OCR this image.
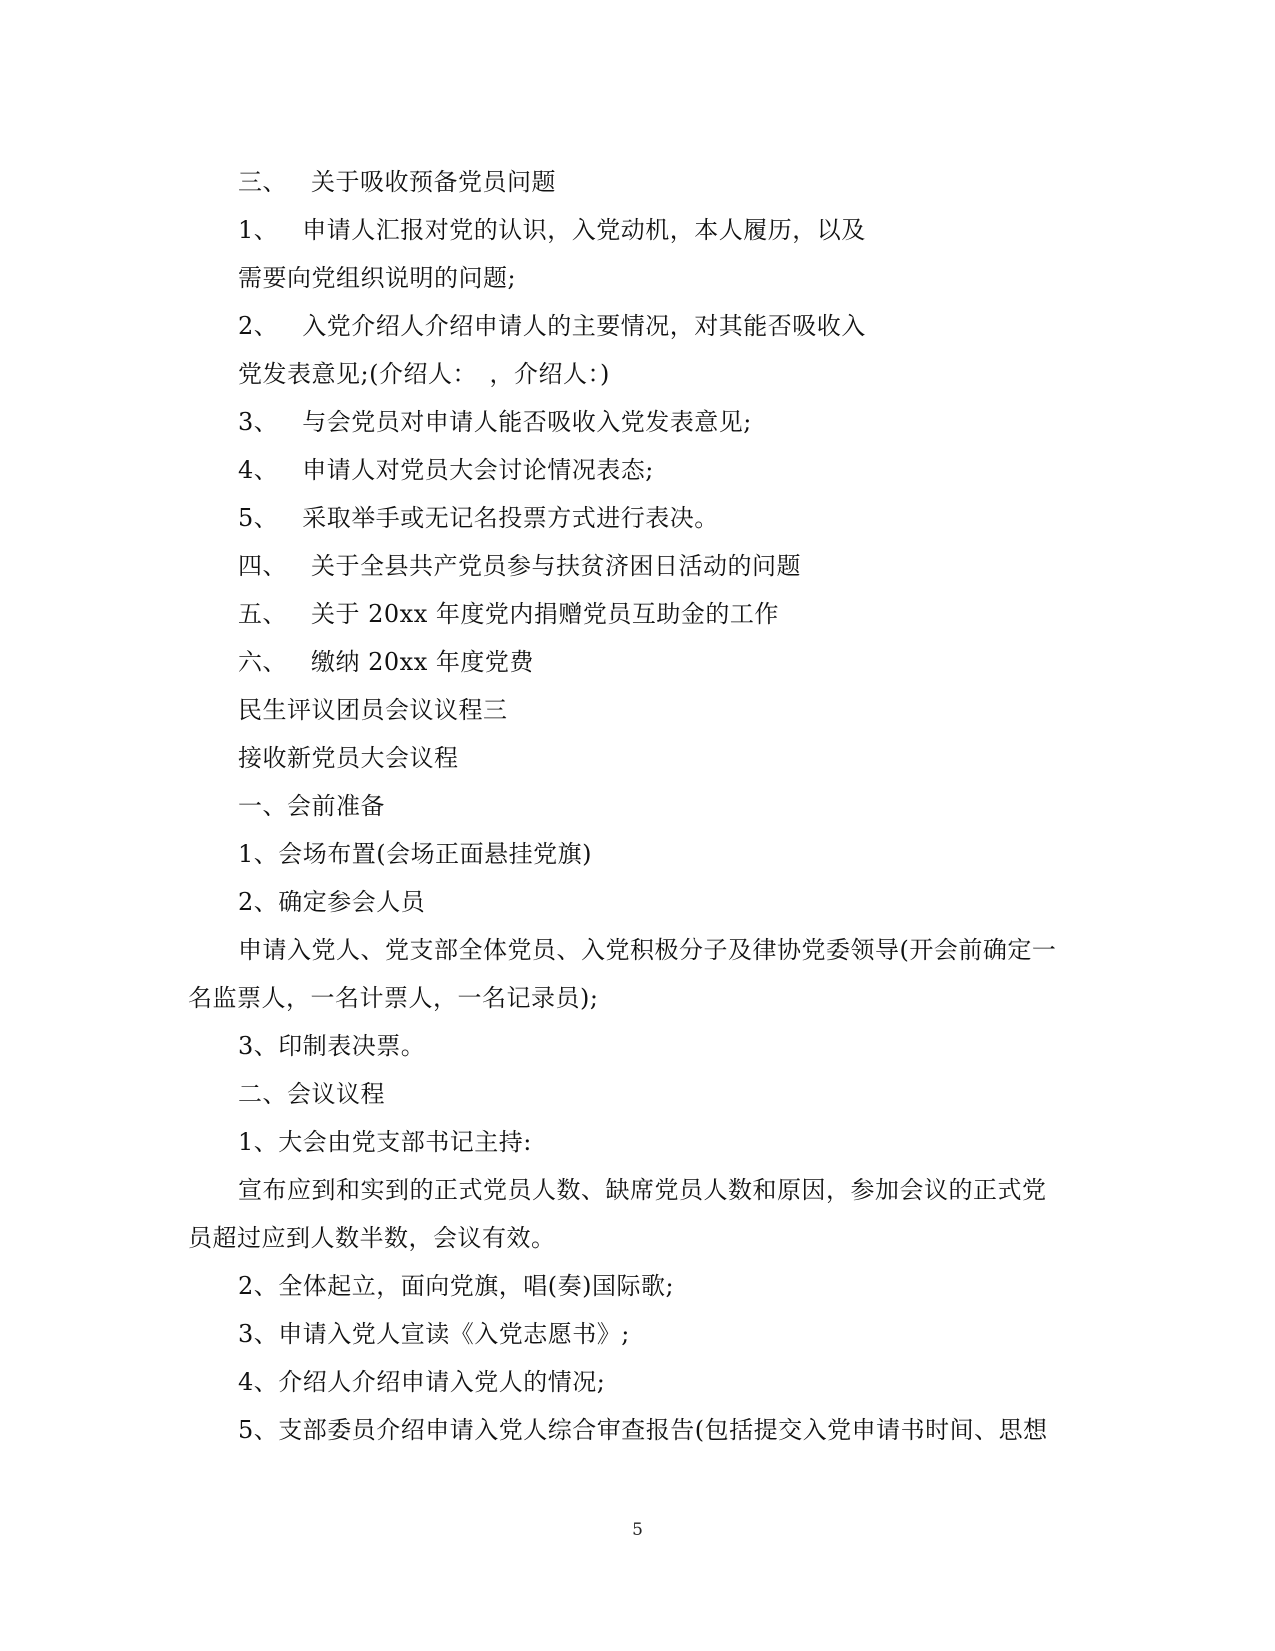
三、 关于吸收预备党员问题
1、 申请人汇报对党的认识，入党动机，本人履历，以及
需要向党组织说明的问题;
2、 入党介绍人介绍申请人的主要情况，对其能否吸收入
党发表意见;(介绍人：　，介绍人：)
3、 与会党员对申请人能否吸收入党发表意见;
4、 申请人对党员大会讨论情况表态;
5、 采取举手或无记名投票方式进行表决。
四、 关于全县共产党员参与扶贫济困日活动的问题
五、 关于 20xx 年度党内捐赠党员互助金的工作
六、 缴纳 20xx 年度党费
民生评议团员会议议程三
接收新党员大会议程
一、会前准备
1、会场布置(会场正面悬挂党旗)
2、确定参会人员
申请入党人、党支部全体党员、入党积极分子及律协党委领导(开会前确定一
名监票人，一名计票人，一名记录员);
3、印制表决票。
二、会议议程
1、大会由党支部书记主持:
宣布应到和实到的正式党员人数、缺席党员人数和原因，参加会议的正式党
员超过应到人数半数，会议有效。
2、全体起立，面向党旗，唱(奏)国际歌;
3、申请入党人宣读《入党志愿书》;
4、介绍人介绍申请入党人的情况;
5、支部委员介绍申请入党人综合审查报告(包括提交入党申请书时间、思想
5
